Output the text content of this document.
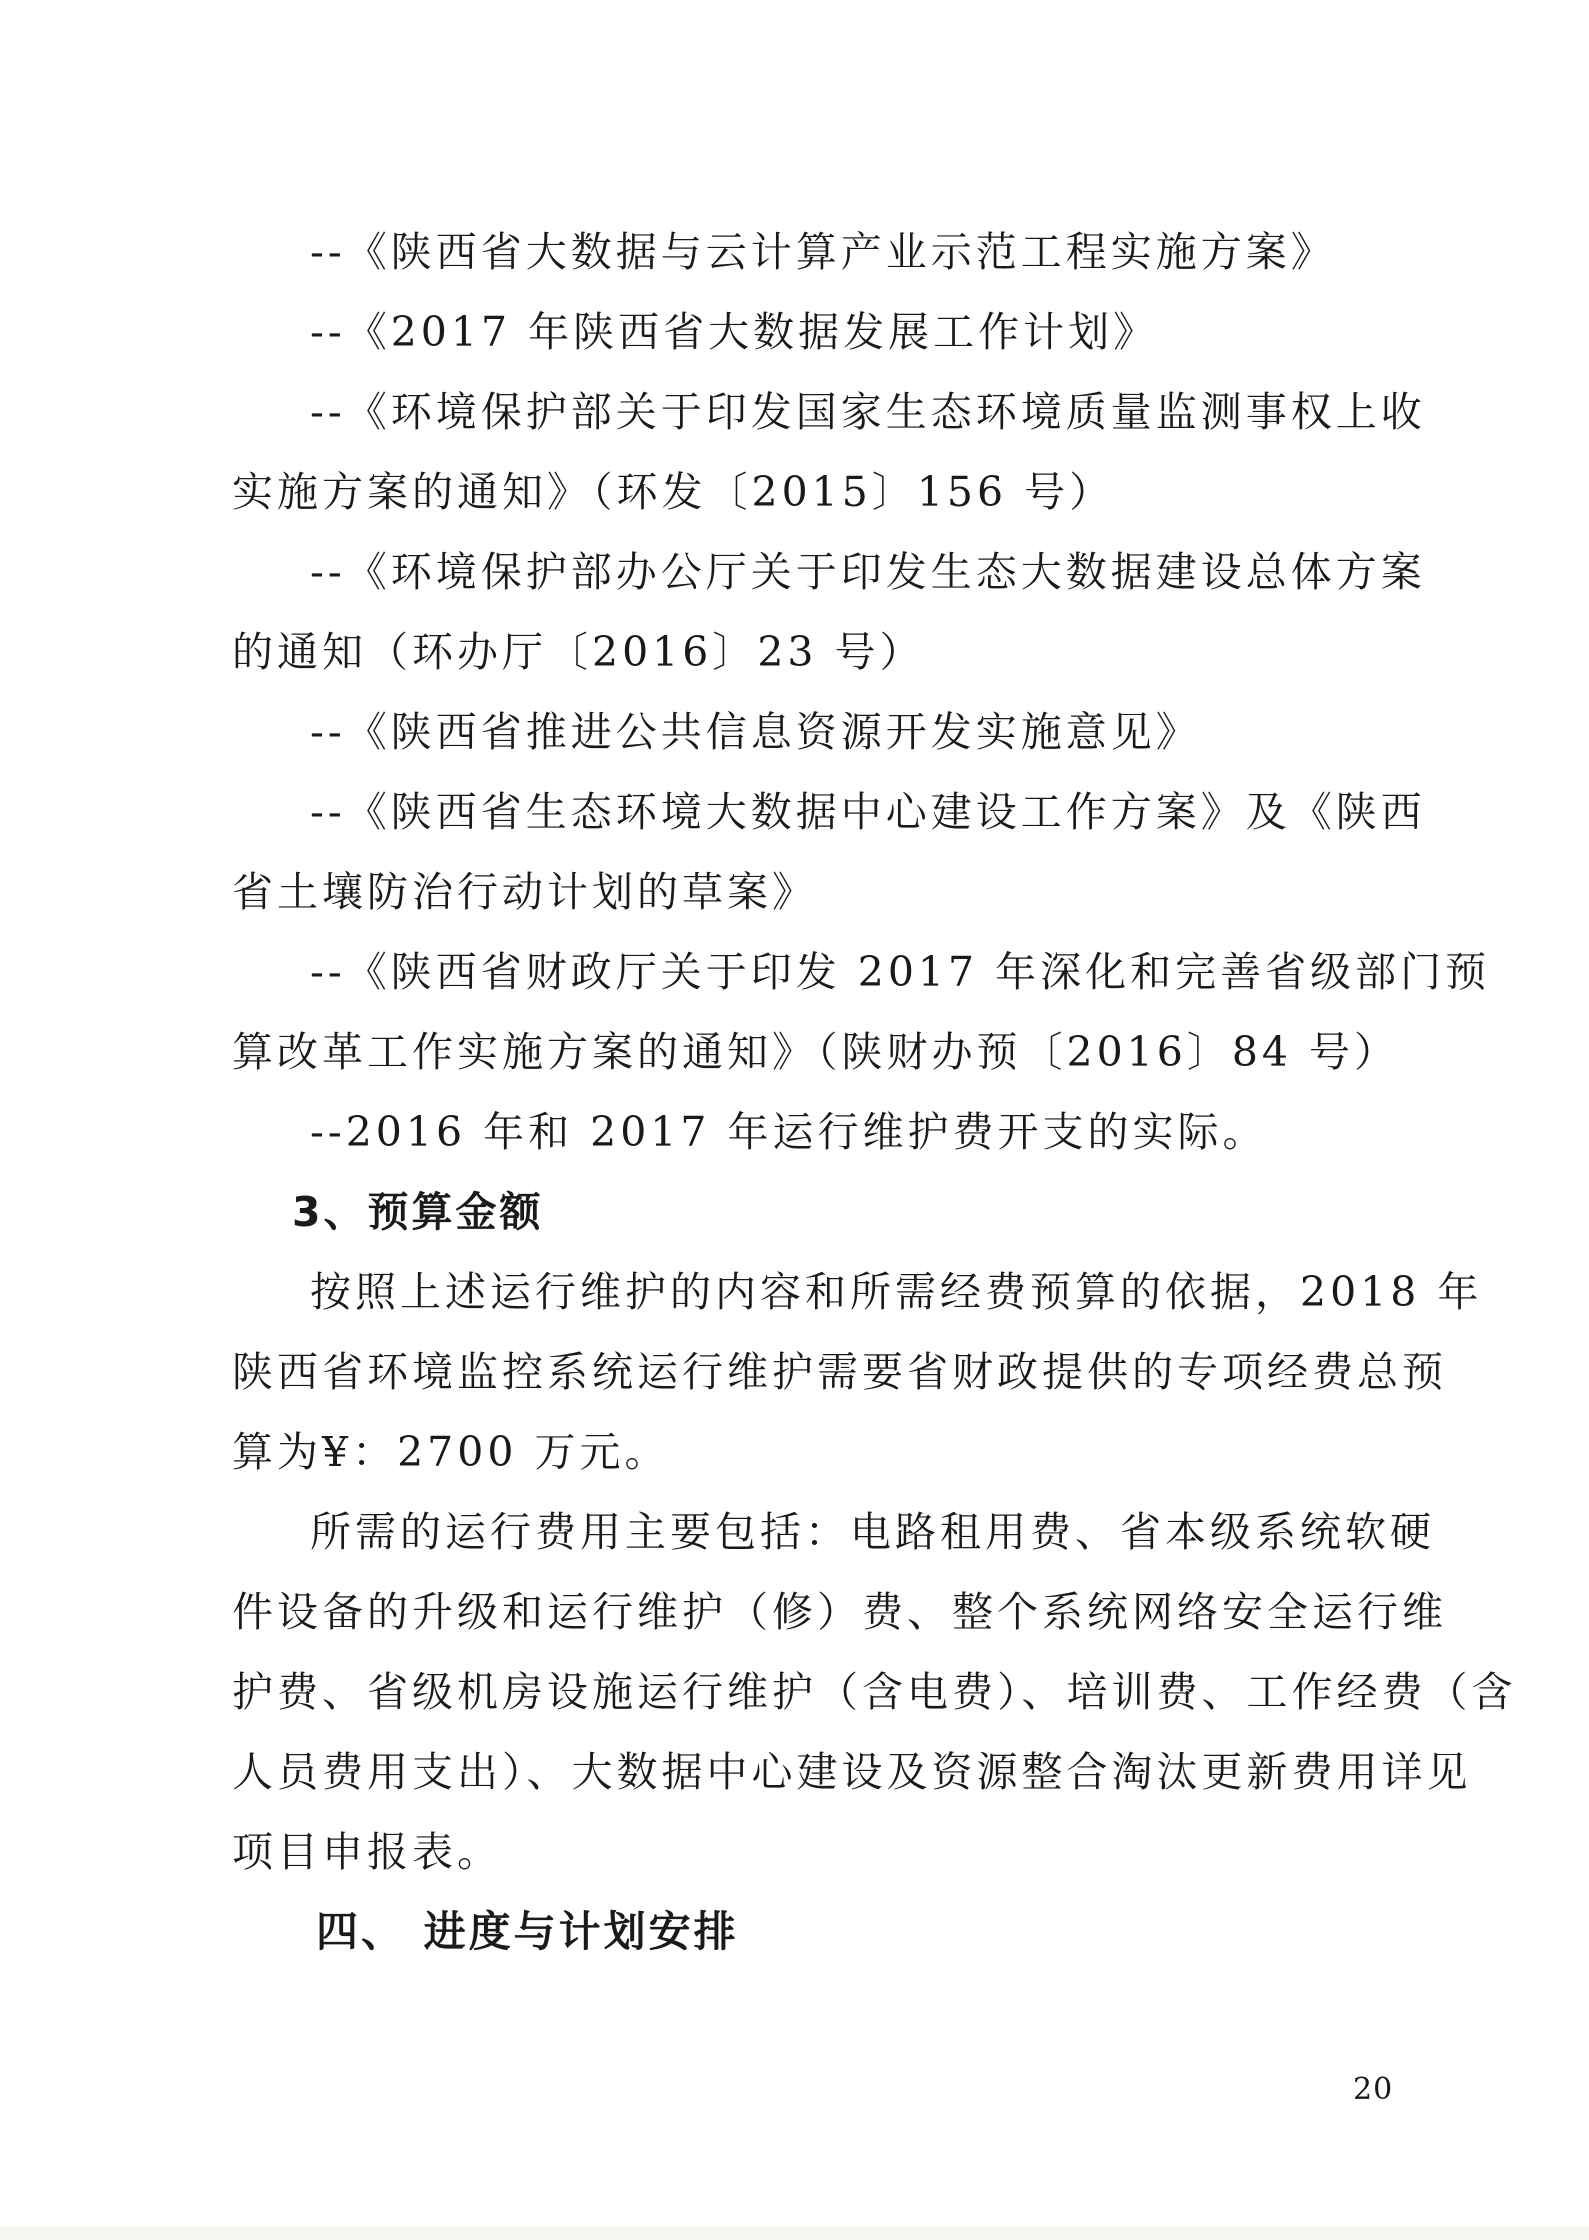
--《陕西省大数据与云计算产业示范工程实施方案》
--《2017 年陕西省大数据发展工作计划》
--《环境保护部关于印发国家生态环境质量监测事权上收
实施方案的通知》（环发〔2015〕156 号）
--《环境保护部办公厅关于印发生态大数据建设总体方案
的通知（环办厅〔2016〕23 号）
--《陕西省推进公共信息资源开发实施意见》
--《陕西省生态环境大数据中心建设工作方案》及《陕西
省土壤防治行动计划的草案》
--《陕西省财政厅关于印发 2017 年深化和完善省级部门预
算改革工作实施方案的通知》（陕财办预〔2016〕84 号）
--2016 年和 2017 年运行维护费开支的实际。
3、预算金额
按照上述运行维护的内容和所需经费预算的依据，2018 年
陕西省环境监控系统运行维护需要省财政提供的专项经费总预
算为¥：2700 万元。
所需的运行费用主要包括：电路租用费、省本级系统软硬
件设备的升级和运行维护（修）费、整个系统网络安全运行维
护费、省级机房设施运行维护（含电费）、培训费、工作经费（含
人员费用支出）、大数据中心建设及资源整合淘汰更新费用详见
项目申报表。
四、 进度与计划安排
20
